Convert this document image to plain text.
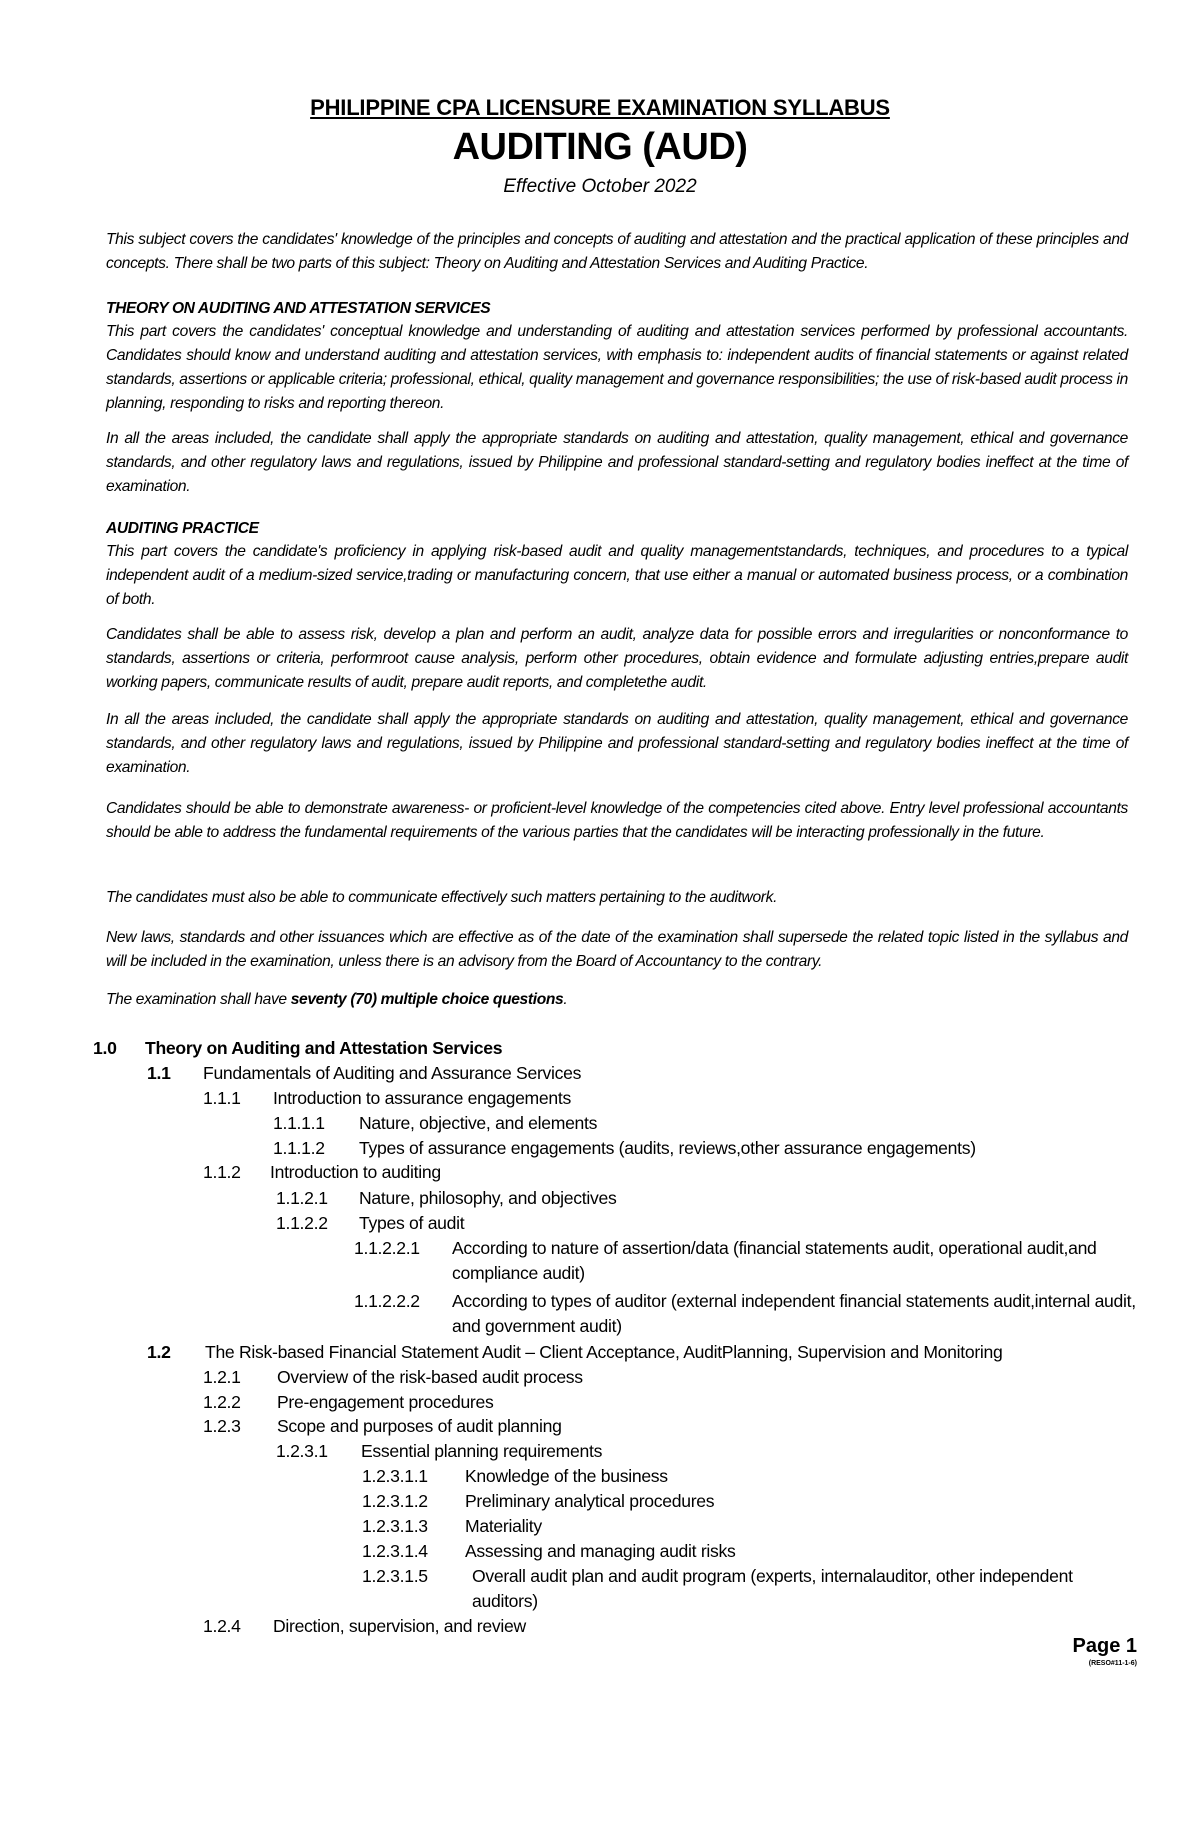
PHILIPPINE CPA LICENSURE EXAMINATION SYLLABUS
AUDITING (AUD)
Effective October 2022

This subject covers the candidates' knowledge of the principles and concepts of auditing and attestation and the practical application of these principles and concepts. There shall be two parts of this subject: Theory on Auditing and Attestation Services and Auditing Practice.

THEORY ON AUDITING AND ATTESTATION SERVICES

This part covers the candidates' conceptual knowledge and understanding of auditing and attestation services performed by professional accountants. Candidates should know and understand auditing and attestation services, with emphasis to: independent audits of financial statements or against related standards, assertions or applicable criteria; professional, ethical, quality management and governance responsibilities; the use of risk-based audit process in planning, responding to risks and reporting thereon.

In all the areas included, the candidate shall apply the appropriate standards on auditing and attestation, quality management, ethical and governance standards, and other regulatory laws and regulations, issued by Philippine and professional standard-setting and regulatory bodies ineffect at the time of examination.

AUDITING PRACTICE

This part covers the candidate's proficiency in applying risk-based audit and quality managementstandards, techniques, and procedures to a typical independent audit of a medium-sized service,trading or manufacturing concern, that use either a manual or automated business process, or a combination of both.

Candidates shall be able to assess risk, develop a plan and perform an audit, analyze data for possible errors and irregularities or nonconformance to standards, assertions or criteria, performroot cause analysis, perform other procedures, obtain evidence and formulate adjusting entries,prepare audit working papers, communicate results of audit, prepare audit reports, and completethe audit.

In all the areas included, the candidate shall apply the appropriate standards on auditing and attestation, quality management, ethical and governance standards, and other regulatory laws and regulations, issued by Philippine and professional standard-setting and regulatory bodies ineffect at the time of examination.

Candidates should be able to demonstrate awareness- or proficient-level knowledge of the competencies cited above. Entry level professional accountants should be able to address the fundamental requirements of the various parties that the candidates will be interacting professionally in the future.

The candidates must also be able to communicate effectively such matters pertaining to the auditwork.

New laws, standards and other issuances which are effective as of the date of the examination shall supersede the related topic listed in the syllabus and will be included in the examination, unless there is an advisory from the Board of Accountancy to the contrary.

The examination shall have seventy (70) multiple choice questions.

1.0 Theory on Auditing and Attestation Services
1.1 Fundamentals of Auditing and Assurance Services
1.1.1 Introduction to assurance engagements
1.1.1.1 Nature, objective, and elements
1.1.1.2 Types of assurance engagements (audits, reviews,other assurance engagements)
1.1.2 Introduction to auditing
1.1.2.1 Nature, philosophy, and objectives
1.1.2.2 Types of audit
1.1.2.2.1 According to nature of assertion/data (financial statements audit, operational audit,and compliance audit)
1.1.2.2.2 According to types of auditor (external independent financial statements audit,internal audit, and government audit)
1.2 The Risk-based Financial Statement Audit – Client Acceptance, AuditPlanning, Supervision and Monitoring
1.2.1 Overview of the risk-based audit process
1.2.2 Pre-engagement procedures
1.2.3 Scope and purposes of audit planning
1.2.3.1 Essential planning requirements
1.2.3.1.1 Knowledge of the business
1.2.3.1.2 Preliminary analytical procedures
1.2.3.1.3 Materiality
1.2.3.1.4 Assessing and managing audit risks
1.2.3.1.5	Overall audit plan and audit program (experts, internalauditor, other independent auditors)
1.2.4 Direction, supervision, and review
Page 1
(RESO#11-1-6)
